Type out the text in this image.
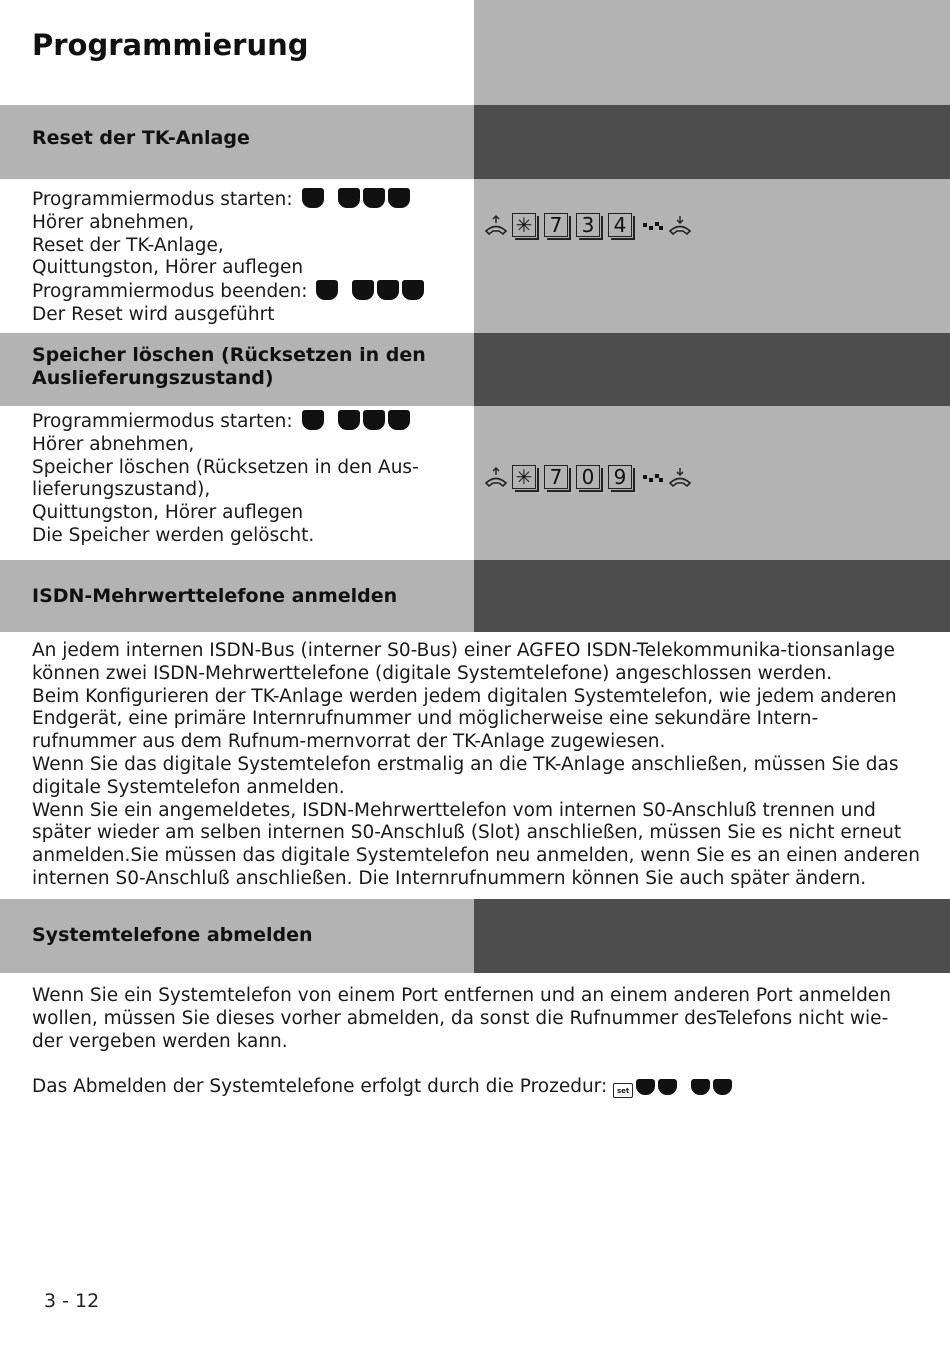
Programmierung
Reset der TK-Anlage
Programmiermodus starten:
Hörer abnehmen,
Reset der TK-Anlage,
Quittungston, Hörer auflegen
Programmiermodus beenden:
Der Reset wird ausgeführt
✳ 7 3 4
Speicher löschen (Rücksetzen in den
Auslieferungszustand)
Programmiermodus starten:
Hörer abnehmen,
Speicher löschen (Rücksetzen in den Aus-
lieferungszustand),
Quittungston, Hörer auflegen
Die Speicher werden gelöscht.
✳ 7 0 9
ISDN-Mehrwerttelefone anmelden
An jedem internen ISDN-Bus (interner S0-Bus) einer AGFEO ISDN-Telekommunika-tionsanlage
können zwei ISDN-Mehrwerttelefone (digitale Systemtelefone) angeschlossen werden.
Beim Konfigurieren der TK-Anlage werden jedem digitalen Systemtelefon, wie jedem anderen
Endgerät, eine primäre Internrufnummer und möglicherweise eine sekundäre Intern-
rufnummer aus dem Rufnum-mernvorrat der TK-Anlage zugewiesen.
Wenn Sie das digitale Systemtelefon erstmalig an die TK-Anlage anschließen, müssen Sie das
digitale Systemtelefon anmelden.
Wenn Sie ein angemeldetes, ISDN-Mehrwerttelefon vom internen S0-Anschluß trennen und
später wieder am selben internen S0-Anschluß (Slot) anschließen, müssen Sie es nicht erneut
anmelden.Sie müssen das digitale Systemtelefon neu anmelden, wenn Sie es an einen anderen
internen S0-Anschluß anschließen. Die Internrufnummern können Sie auch später ändern.
Systemtelefone abmelden
Wenn Sie ein Systemtelefon von einem Port entfernen und an einem anderen Port anmelden
wollen, müssen Sie dieses vorher abmelden, da sonst die Rufnummer desTelefons nicht wie-
der vergeben werden kann.
Das Abmelden der Systemtelefone erfolgt durch die Prozedur: set
3 - 12
